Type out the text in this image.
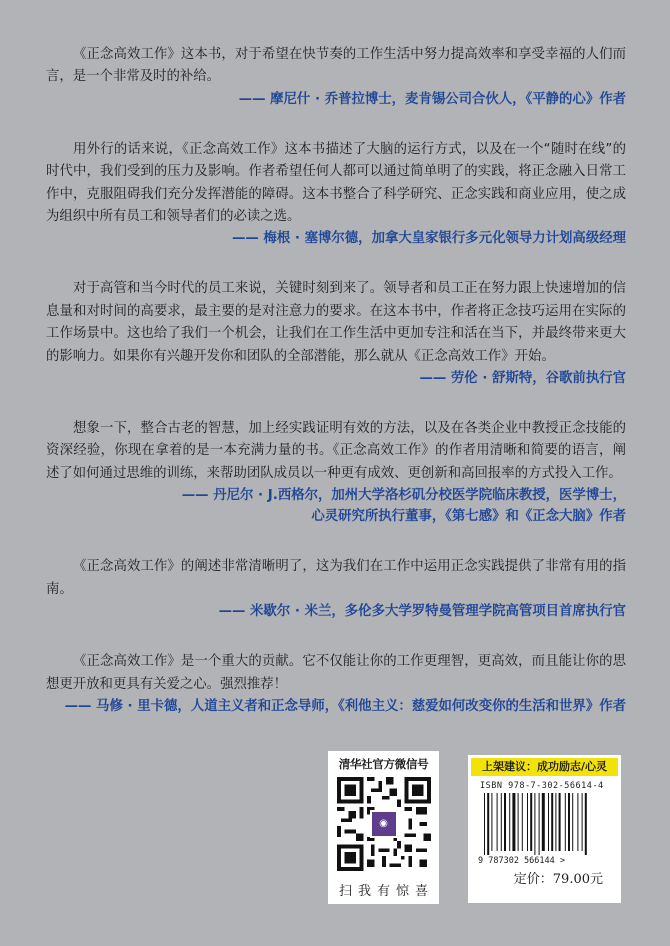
《正念高效工作》这本书，对于希望在快节奏的工作生活中努力提高效率和享受幸福的人们而言，是一个非常及时的补给。

—— 摩尼什 · 乔普拉博士，麦肯锡公司合伙人，《平静的心》作者

用外行的话来说，《正念高效工作》这本书描述了大脑的运行方式，以及在一个“随时在线”的时代中，我们受到的压力及影响。作者希望任何人都可以通过简单明了的实践，将正念融入日常工作中，克服阻碍我们充分发挥潜能的障碍。这本书整合了科学研究、正念实践和商业应用，使之成为组织中所有员工和领导者们的必读之选。

—— 梅根 · 塞博尔德，加拿大皇家银行多元化领导力计划高级经理

对于高管和当今时代的员工来说，关键时刻到来了。领导者和员工正在努力跟上快速增加的信息量和对时间的高要求，最主要的是对注意力的要求。在这本书中，作者将正念技巧运用在实际的工作场景中。这也给了我们一个机会，让我们在工作生活中更加专注和活在当下，并最终带来更大的影响力。如果你有兴趣开发你和团队的全部潜能，那么就从《正念高效工作》开始。

—— 劳伦 · 舒斯特，谷歌前执行官

想象一下，整合古老的智慧，加上经实践证明有效的方法，以及在各类企业中教授正念技能的资深经验，你现在拿着的是一本充满力量的书。《正念高效工作》的作者用清晰和简要的语言，阐述了如何通过思维的训练，来帮助团队成员以一种更有成效、更创新和高回报率的方式投入工作。

—— 丹尼尔 · J.西格尔，加州大学洛杉矶分校医学院临床教授，医学博士，
心灵研究所执行董事，《第七感》和《正念大脑》作者

《正念高效工作》的阐述非常清晰明了，这为我们在工作中运用正念实践提供了非常有用的指南。

—— 米歇尔 · 米兰，多伦多大学罗特曼管理学院高管项目首席执行官

《正念高效工作》是一个重大的贡献。它不仅能让你的工作更理智，更高效，而且能让你的思想更开放和更具有关爱之心。强烈推荐！

—— 马修 · 里卡德，人道主义者和正念导师，《利他主义：慈爱如何改变你的生活和世界》作者

清华社官方微信号
◉
扫我有惊喜
上架建议：成功励志/心灵
ISBN 978-7-302-56614-4
9 787302 566144 >
定价：79.00元
